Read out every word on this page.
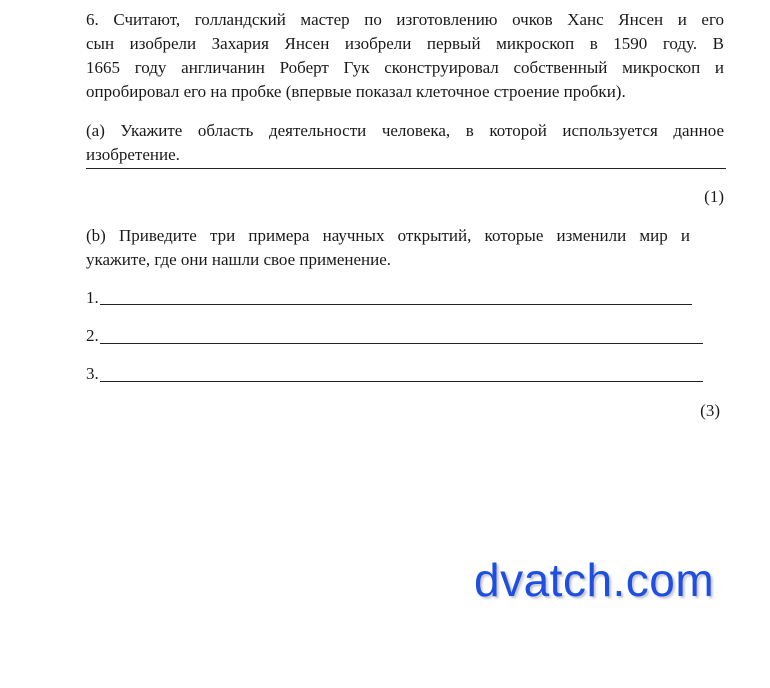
6. Считают, голландский мастер по изготовлению очков Ханс Янсен и его
сын изобрели Захария Янсен изобрели первый микроскоп в 1590 году. В
1665 году англичанин Роберт Гук сконструировал собственный микроскоп и
опробировал его на пробке (впервые показал клеточное строение пробки).
(a) Укажите область деятельности человека, в которой используется данное
изобретение.
(1)
(b) Приведите три примера научных открытий, которые изменили мир и
укажите, где они нашли свое применение.
1.
2.
3.
(3)
dvatch.com
